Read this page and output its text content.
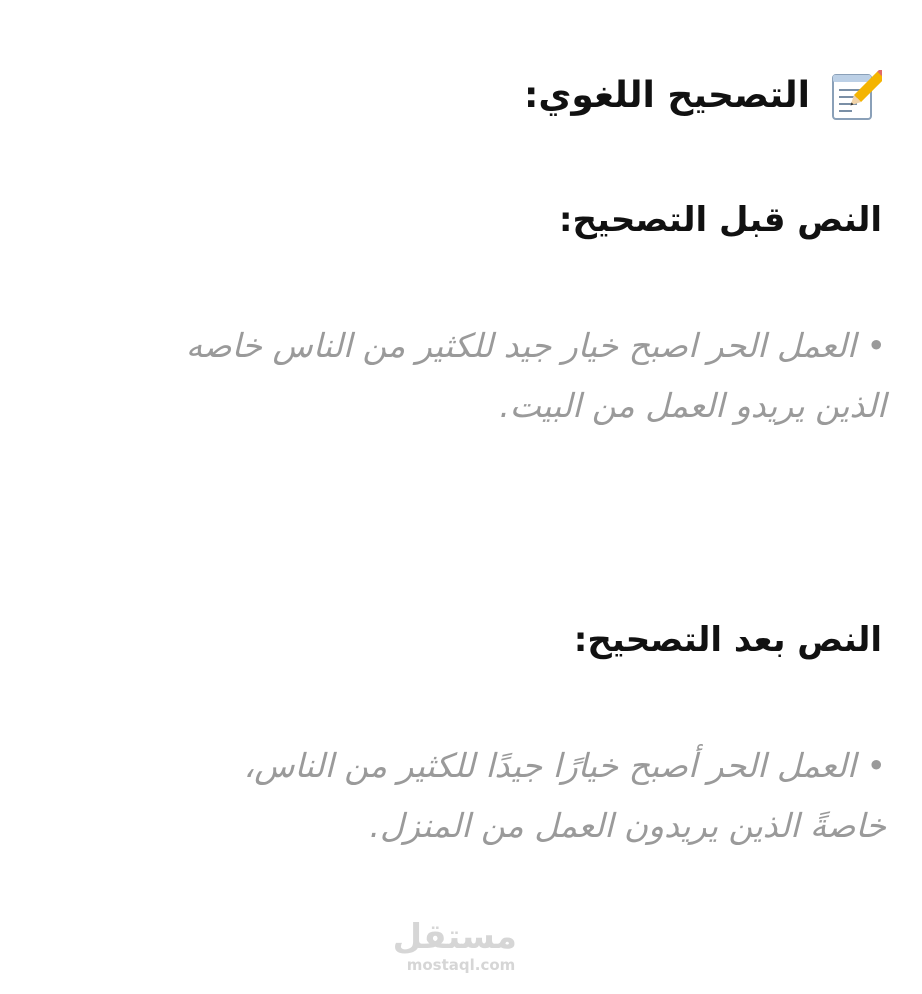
التصحيح اللغوي:
النص قبل التصحيح:
• العمل الحر اصبح خيار جيد للكثير من الناس خاصه
الذين يريدو العمل من البيت.
النص بعد التصحيح:
• العمل الحر أصبح خيارًا جيدًا للكثير من الناس،
خاصةً الذين يريدون العمل من المنزل.
مستقل
mostaql.com
